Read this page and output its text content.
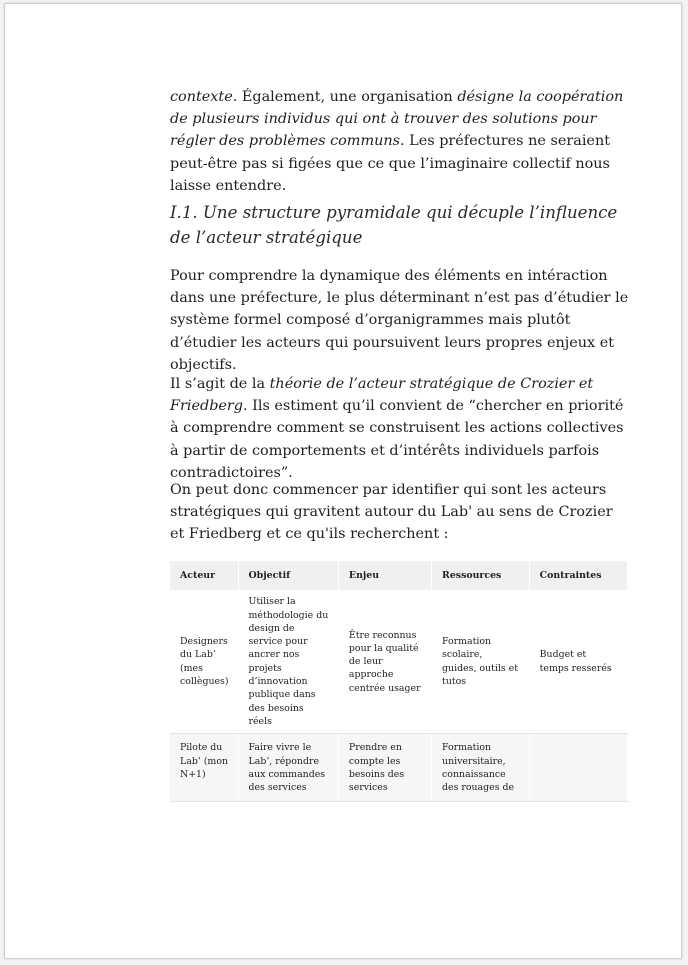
contexte. Également, une organisation désigne la coopération de plusieurs individus qui ont à trouver des solutions pour régler des problèmes communs. Les préfectures ne seraient peut-être pas si figées que ce que l’imaginaire collectif nous laisse entendre.

I.1. Une structure pyramidale qui décuple l’influence de l’acteur stratégique

Pour comprendre la dynamique des éléments en intéraction dans une préfecture, le plus déterminant n’est pas d’étudier le système formel composé d’organigrammes mais plutôt d’étudier les acteurs qui poursuivent leurs propres enjeux et objectifs.

Il s’agit de la théorie de l’acteur stratégique de Crozier et Friedberg. Ils estiment qu’il convient de “chercher en priorité à comprendre comment se construisent les actions collectives à partir de comportements et d’intérêts individuels parfois contradictoires”.

On peut donc commencer par identifier qui sont les acteurs stratégiques qui gravitent autour du Lab' au sens de Crozier et Friedberg et ce qu'ils recherchent :

Acteur	Objectif	Enjeu	Ressources	Contraintes
Designers du Lab’ (mes collègues)	Utiliser la méthodologie du design de service pour ancrer nos projets d’innovation publique dans des besoins réels	Être reconnus pour la qualité de leur approche centrée usager	Formation scolaire, guides, outils et tutos	Budget et temps resserés
Pilote du Lab’ (mon N+1)	Faire vivre le Lab’, répondre aux commandes des services	Prendre en compte les besoins des services	Formation universitaire, connaissance des rouages de	
